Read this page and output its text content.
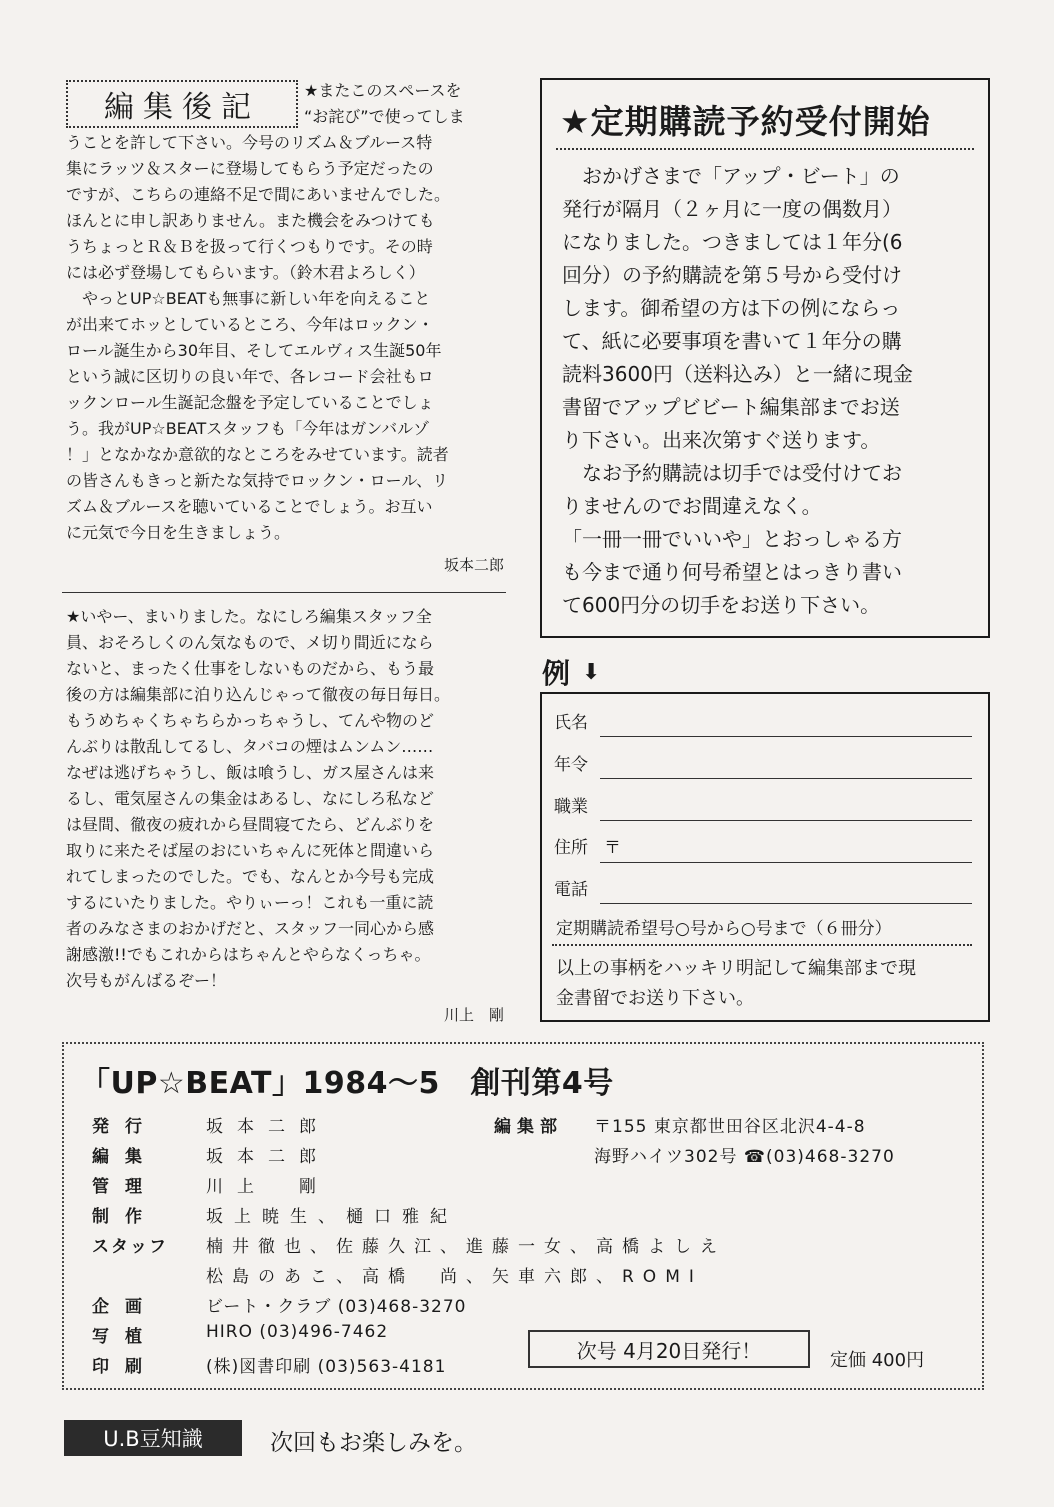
編集後記	★またこのスペースを
“お詫び”で使ってしま
うことを許して下さい。今号のリズム＆ブルース特
集にラッツ＆スターに登場してもらう予定だったの
ですが、こちらの連絡不足で間にあいませんでした。
ほんとに申し訳ありません。また機会をみつけても
うちょっとＲ＆Ｂを扱って行くつもりです。その時
には必ず登場してもらいます。（鈴木君よろしく）
　やっとUP☆BEATも無事に新しい年を向えること
が出来てホッとしているところ、今年はロックン・
ロール誕生から30年目、そしてエルヴィス生誕50年
という誠に区切りの良い年で、各レコード会社もロ
ックンロール生誕記念盤を予定していることでしょ
う。我がUP☆BEATスタッフも「今年はガンバルゾ
！」となかなか意欲的なところをみせています。読者
の皆さんもきっと新たな気持でロックン・ロール、リ
ズム＆ブルースを聴いていることでしょう。お互い
に元気で今日を生きましょう。
坂本二郎
★いやー、まいりました。なにしろ編集スタッフ全
員、おそろしくのん気なもので、メ切り間近になら
ないと、まったく仕事をしないものだから、もう最
後の方は編集部に泊り込んじゃって徹夜の毎日毎日。
もうめちゃくちゃちらかっちゃうし、てんや物のど
んぶりは散乱してるし、タバコの煙はムンムン……
なぜは逃げちゃうし、飯は喰うし、ガス屋さんは来
るし、電気屋さんの集金はあるし、なにしろ私など
は昼間、徹夜の疲れから昼間寝てたら、どんぶりを
取りに来たそば屋のおにいちゃんに死体と間違いら
れてしまったのでした。でも、なんとか今号も完成
するにいたりました。やりぃーっ！これも一重に読
者のみなさまのおかげだと、スタッフ一同心から感
謝感激!!でもこれからはちゃんとやらなくっちゃ。
次号もがんばるぞー！
川上　剛
★定期購読予約受付開始
　おかげさまで「アップ・ビート」の
発行が隔月（２ヶ月に一度の偶数月）
になりました。つきましては１年分(6
回分）の予約購読を第５号から受付け
します。御希望の方は下の例にならっ
て、紙に必要事項を書いて１年分の購
読料3600円（送料込み）と一緒に現金
書留でアップビビート編集部までお送
り下さい。出来次第すぐ送ります。
　なお予約購読は切手では受付けてお
りませんのでお間違えなく。
「一冊一冊でいいや」とおっしゃる方
も今まで通り何号希望とはっきり書い
て600円分の切手をお送り下さい。
例 ⬇
氏名
年令
職業
住所 〒
電話
定期購読希望号○号から○号まで（６冊分）
以上の事柄をハッキリ明記して編集部まで現
金書留でお送り下さい。
「UP☆BEAT」1984〜5　創刊第4号
発行	坂本二郎
編集	坂本二郎
管理	川上　剛
制作	坂上暁生、樋口雅紀
スタッフ 楠井徹也、佐藤久江、進藤一女、高橋よしえ
松島のあこ、高橋　尚、矢車六郎、ROMI
企画	ビート・クラブ (03)468-3270
写植	HIRO (03)496-7462
印刷	(株)図書印刷 (03)563-4181
編集部 〒155 東京都世田谷区北沢4-4-8
海野ハイツ302号 ☎(03)468-3270
次号 4月20日発行！	定価 400円
U.B豆知識	次回もお楽しみを。
